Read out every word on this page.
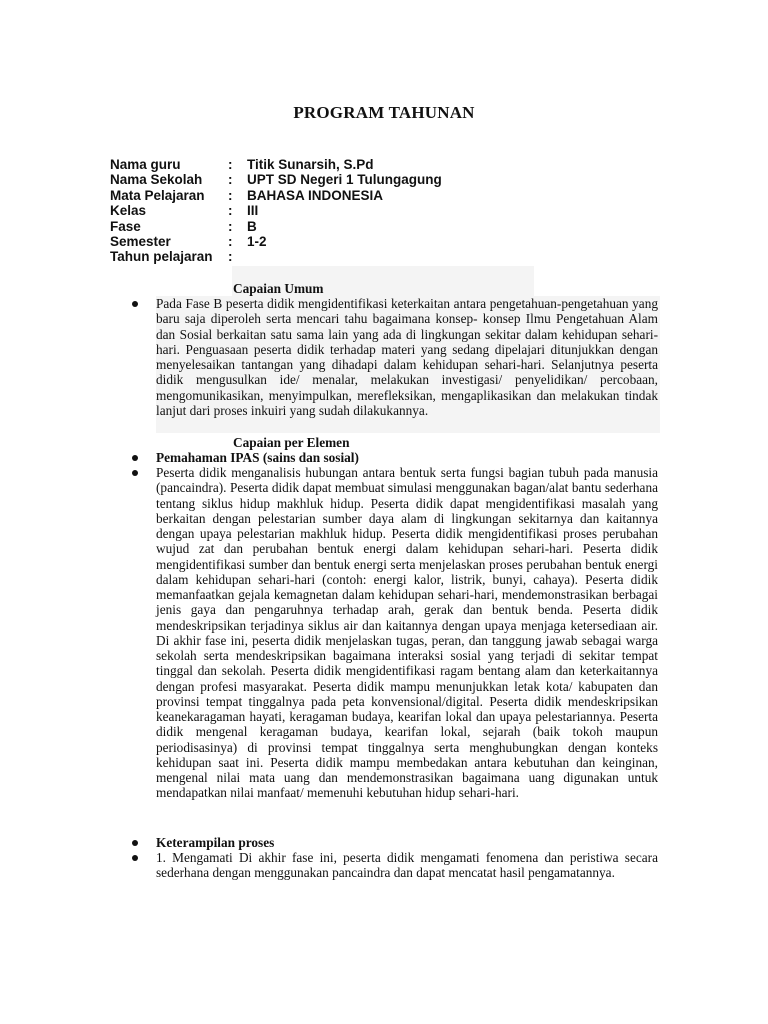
PROGRAM TAHUNAN
Nama guru	:	Titik Sunarsih, S.Pd
Nama Sekolah	:	UPT SD Negeri 1 Tulungagung
Mata Pelajaran	:	BAHASA INDONESIA
Kelas	:	III
Fase	:	B
Semester	:	1-2
Tahun pelajaran	:
Capaian Umum
Pada Fase B peserta didik mengidentifikasi keterkaitan antara pengetahuan-pengetahuan yang baru saja diperoleh serta mencari tahu bagaimana konsep- konsep Ilmu Pengetahuan Alam dan Sosial berkaitan satu sama lain yang ada di lingkungan sekitar dalam kehidupan sehari-hari. Penguasaan peserta didik terhadap materi yang sedang dipelajari ditunjukkan dengan menyelesaikan tantangan yang dihadapi dalam kehidupan sehari-hari. Selanjutnya peserta didik mengusulkan ide/ menalar, melakukan investigasi/ penyelidikan/ percobaan, mengomunikasikan, menyimpulkan, merefleksikan, mengaplikasikan dan melakukan tindak lanjut dari proses inkuiri yang sudah dilakukannya.
Capaian per Elemen
Pemahaman IPAS (sains dan sosial)
Peserta didik menganalisis hubungan antara bentuk serta fungsi bagian tubuh pada manusia (pancaindra). Peserta didik dapat membuat simulasi menggunakan bagan/alat bantu sederhana tentang siklus hidup makhluk hidup. Peserta didik dapat mengidentifikasi masalah yang berkaitan dengan pelestarian sumber daya alam di lingkungan sekitarnya dan kaitannya dengan upaya pelestarian makhluk hidup. Peserta didik mengidentifikasi proses perubahan wujud zat dan perubahan bentuk energi dalam kehidupan sehari-hari. Peserta didik mengidentifikasi sumber dan bentuk energi serta menjelaskan proses perubahan bentuk energi dalam kehidupan sehari-hari (contoh: energi kalor, listrik, bunyi, cahaya). Peserta didik memanfaatkan gejala kemagnetan dalam kehidupan sehari-hari, mendemonstrasikan berbagai jenis gaya dan pengaruhnya terhadap arah, gerak dan bentuk benda. Peserta didik mendeskripsikan terjadinya siklus air dan kaitannya dengan upaya menjaga ketersediaan air. Di akhir fase ini, peserta didik menjelaskan tugas, peran, dan tanggung jawab sebagai warga sekolah serta mendeskripsikan bagaimana interaksi sosial yang terjadi di sekitar tempat tinggal dan sekolah. Peserta didik mengidentifikasi ragam bentang alam dan keterkaitannya dengan profesi masyarakat. Peserta didik mampu menunjukkan letak kota/ kabupaten dan provinsi tempat tinggalnya pada peta konvensional/digital. Peserta didik mendeskripsikan keanekaragaman hayati, keragaman budaya, kearifan lokal dan upaya pelestariannya. Peserta didik mengenal keragaman budaya, kearifan lokal, sejarah (baik tokoh maupun periodisasinya) di provinsi tempat tinggalnya serta menghubungkan dengan konteks kehidupan saat ini. Peserta didik mampu membedakan antara kebutuhan dan keinginan, mengenal nilai mata uang dan mendemonstrasikan bagaimana uang digunakan untuk mendapatkan nilai manfaat/ memenuhi kebutuhan hidup sehari-hari.
Keterampilan proses
1. Mengamati Di akhir fase ini, peserta didik mengamati fenomena dan peristiwa secara sederhana dengan menggunakan pancaindra dan dapat mencatat hasil pengamatannya.
